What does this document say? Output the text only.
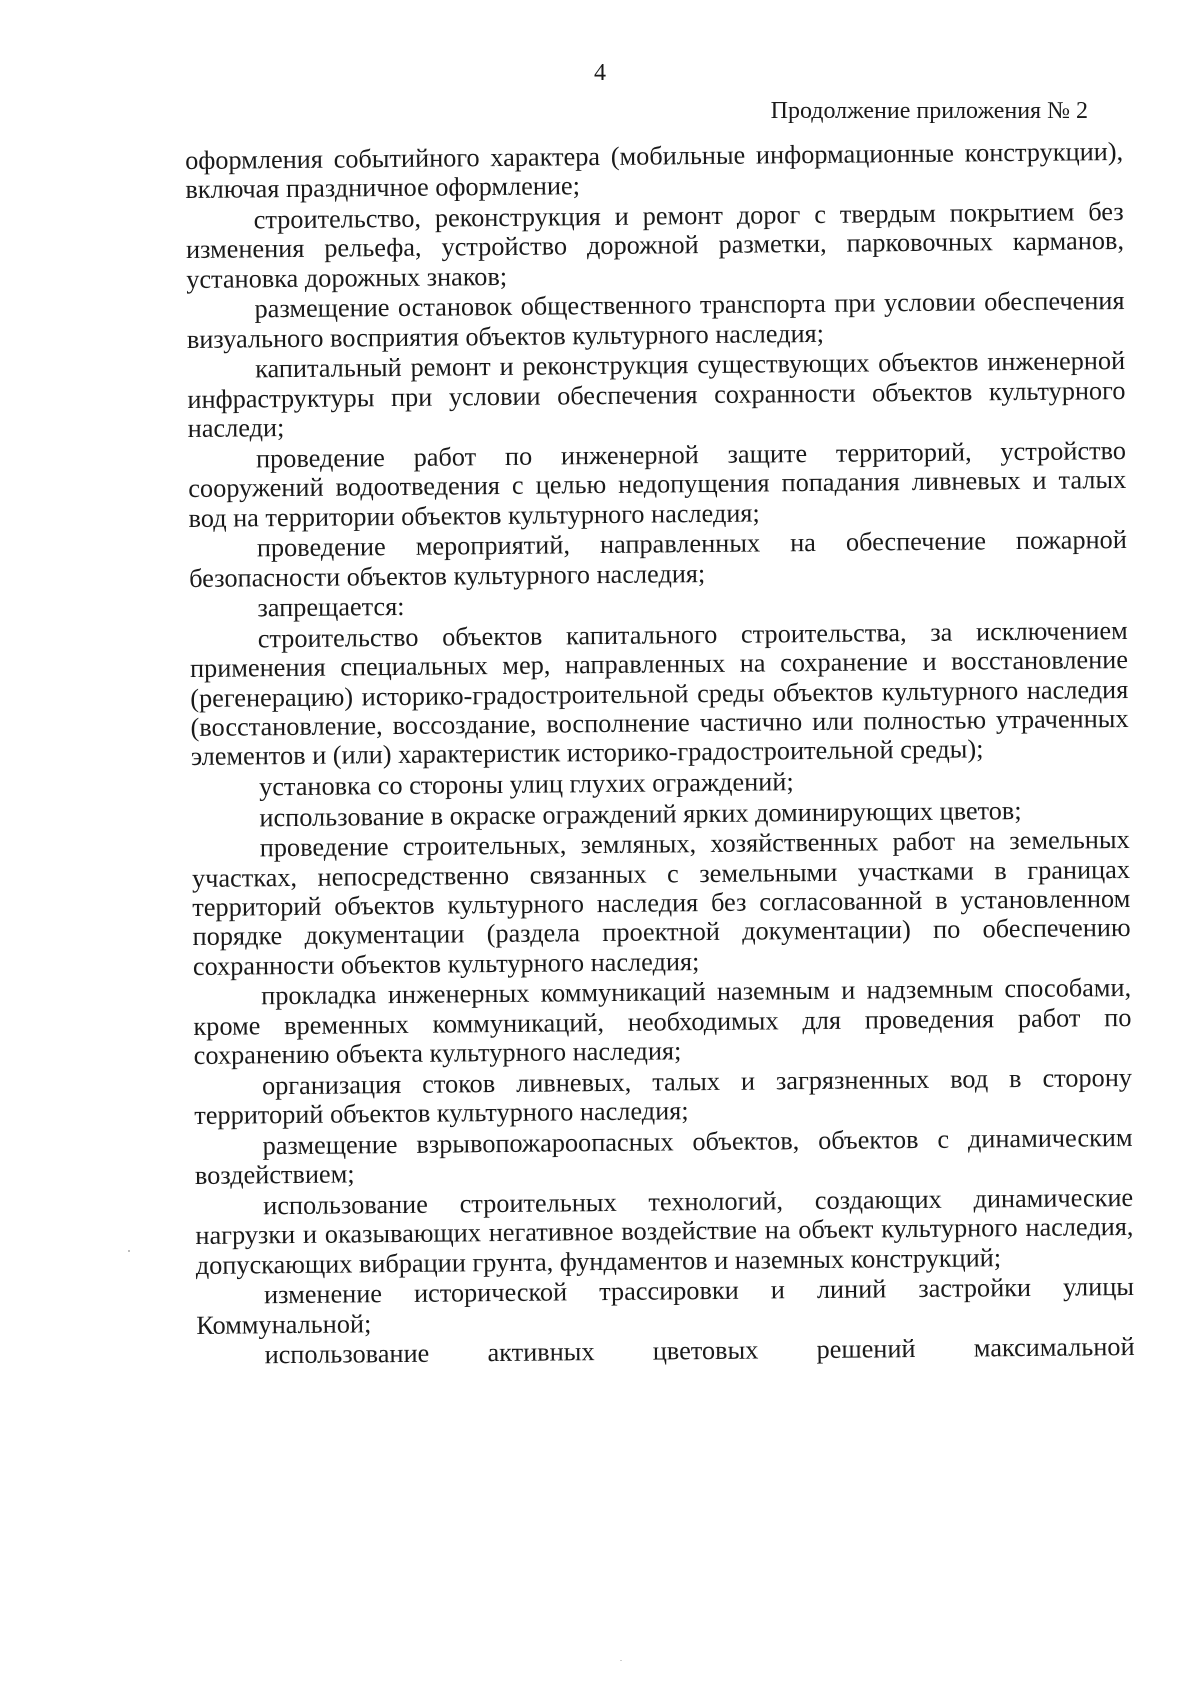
4
Продолжение приложения № 2

оформления событийного характера (мобильные информационные конструкции), включая праздничное оформление;

строительство, реконструкция и ремонт дорог с твердым покрытием без изменения рельефа, устройство дорожной разметки, парковочных карманов, установка дорожных знаков;

размещение остановок общественного транспорта при условии обеспечения визуального восприятия объектов культурного наследия;

капитальный ремонт и реконструкция существующих объектов инженерной инфраструктуры при условии обеспечения сохранности объектов культурного наследи;

проведение работ по инженерной защите территорий, устройство сооружений водоотведения с целью недопущения попадания ливневых и талых вод на территории объектов культурного наследия;

проведение мероприятий, направленных на обеспечение пожарной безопасности объектов культурного наследия;

запрещается:

строительство объектов капитального строительства, за исключением применения специальных мер, направленных на сохранение и восстановление (регенерацию) историко-градостроительной среды объектов культурного наследия (восстановление, воссоздание, восполнение частично или полностью утраченных элементов и (или) характеристик историко-градостроительной среды);

установка со стороны улиц глухих ограждений;

использование в окраске ограждений ярких доминирующих цветов;

проведение строительных, земляных, хозяйственных работ на земельных участках, непосредственно связанных с земельными участками в границах территорий объектов культурного наследия без согласованной в установленном порядке документации (раздела проектной документации) по обеспечению сохранности объектов культурного наследия;

прокладка инженерных коммуникаций наземным и надземным способами, кроме временных коммуникаций, необходимых для проведения работ по сохранению объекта культурного наследия;

организация стоков ливневых, талых и загрязненных вод в сторону территорий объектов культурного наследия;

размещение взрывопожароопасных объектов, объектов с динамическим воздействием;

использование строительных технологий, создающих динамические нагрузки и оказывающих негативное воздействие на объект культурного наследия, допускающих вибрации грунта, фундаментов и наземных конструкций;

изменение исторической трассировки и линий застройки улицы Коммунальной;

использование активных цветовых решений максимальной
